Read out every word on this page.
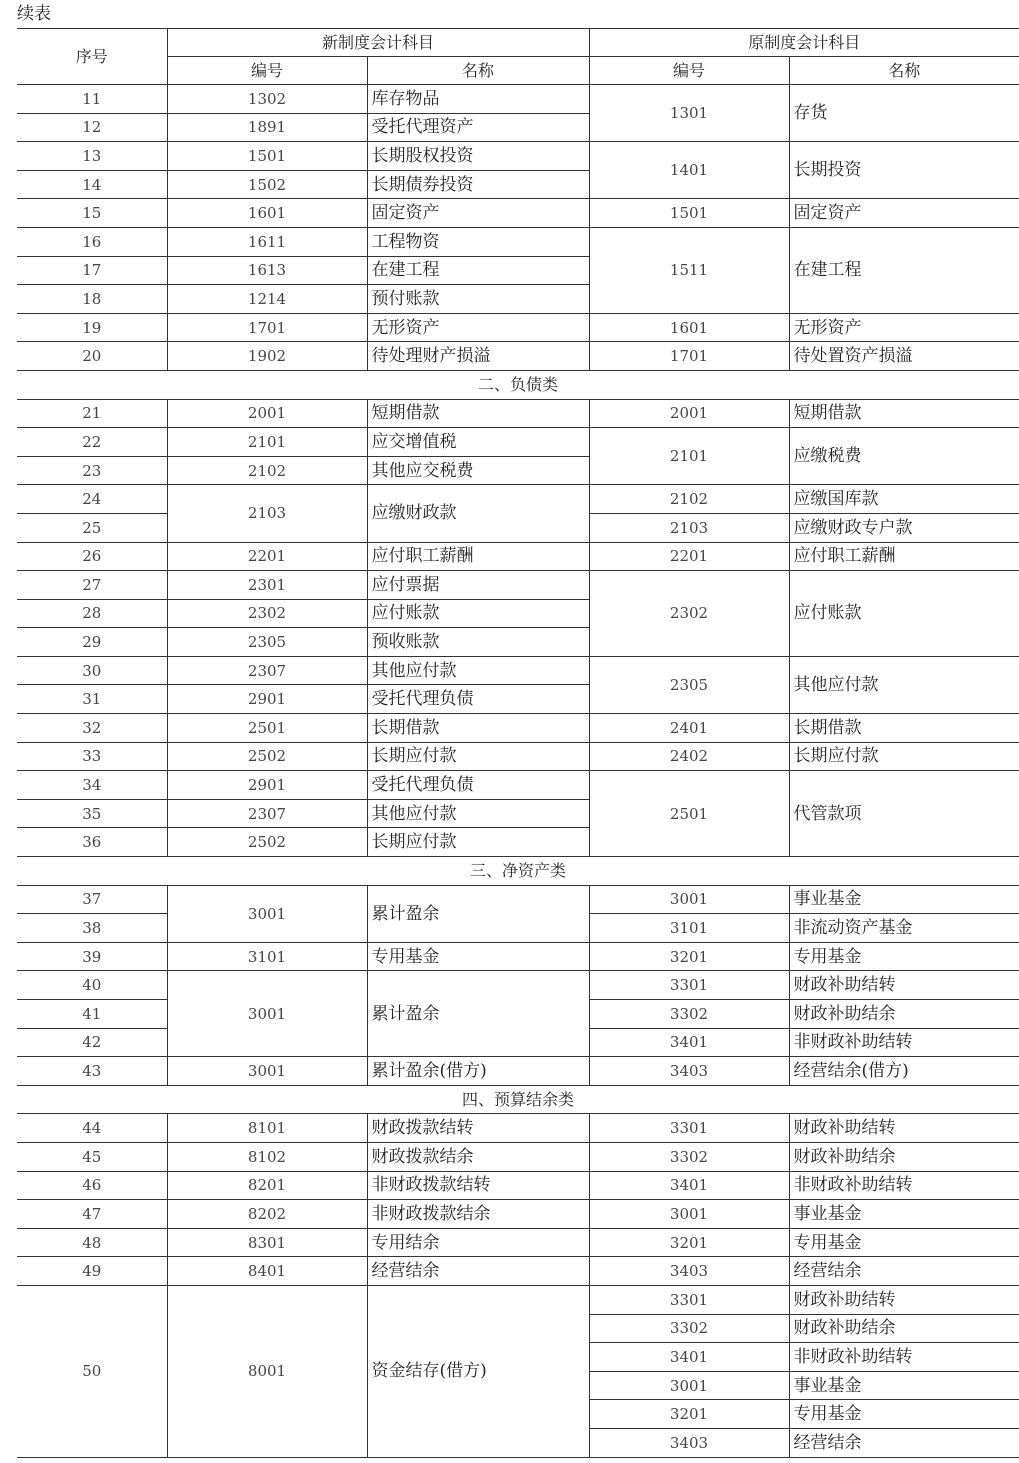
续表
序号	新制度会计科目		原制度会计科目	
	编号	名称	编号	名称
11	1302	库存物品	1301	存货
12	1891	受托代理资产		
13	1501	长期股权投资	1401	长期投资
14	1502	长期债券投资		
15	1601	固定资产	1501	固定资产
16	1611	工程物资	1511	在建工程
17	1613	在建工程		
18	1214	预付账款		
19	1701	无形资产	1601	无形资产
20	1902	待处理财产损溢	1701	待处置资产损溢
二、负债类				
21	2001	短期借款	2001	短期借款
22	2101	应交增值税	2101	应缴税费
23	2102	其他应交税费		
24	2103	应缴财政款	2102	应缴国库款
25			2103	应缴财政专户款
26	2201	应付职工薪酬	2201	应付职工薪酬
27	2301	应付票据	2302	应付账款
28	2302	应付账款		
29	2305	预收账款		
30	2307	其他应付款	2305	其他应付款
31	2901	受托代理负债		
32	2501	长期借款	2401	长期借款
33	2502	长期应付款	2402	长期应付款
34	2901	受托代理负债	2501	代管款项
35	2307	其他应付款		
36	2502	长期应付款		
三、净资产类				
37	3001	累计盈余	3001	事业基金
38			3101	非流动资产基金
39	3101	专用基金	3201	专用基金
40	3001	累计盈余	3301	财政补助结转
41			3302	财政补助结余
42			3401	非财政补助结转
43	3001	累计盈余(借方)	3403	经营结余(借方)
四、预算结余类				
44	8101	财政拨款结转	3301	财政补助结转
45	8102	财政拨款结余	3302	财政补助结余
46	8201	非财政拨款结转	3401	非财政补助结转
47	8202	非财政拨款结余	3001	事业基金
48	8301	专用结余	3201	专用基金
49	8401	经营结余	3403	经营结余
50	8001	资金结存(借方)	3301	财政补助结转
			3302	财政补助结余
			3401	非财政补助结转
			3001	事业基金
			3201	专用基金
			3403	经营结余
